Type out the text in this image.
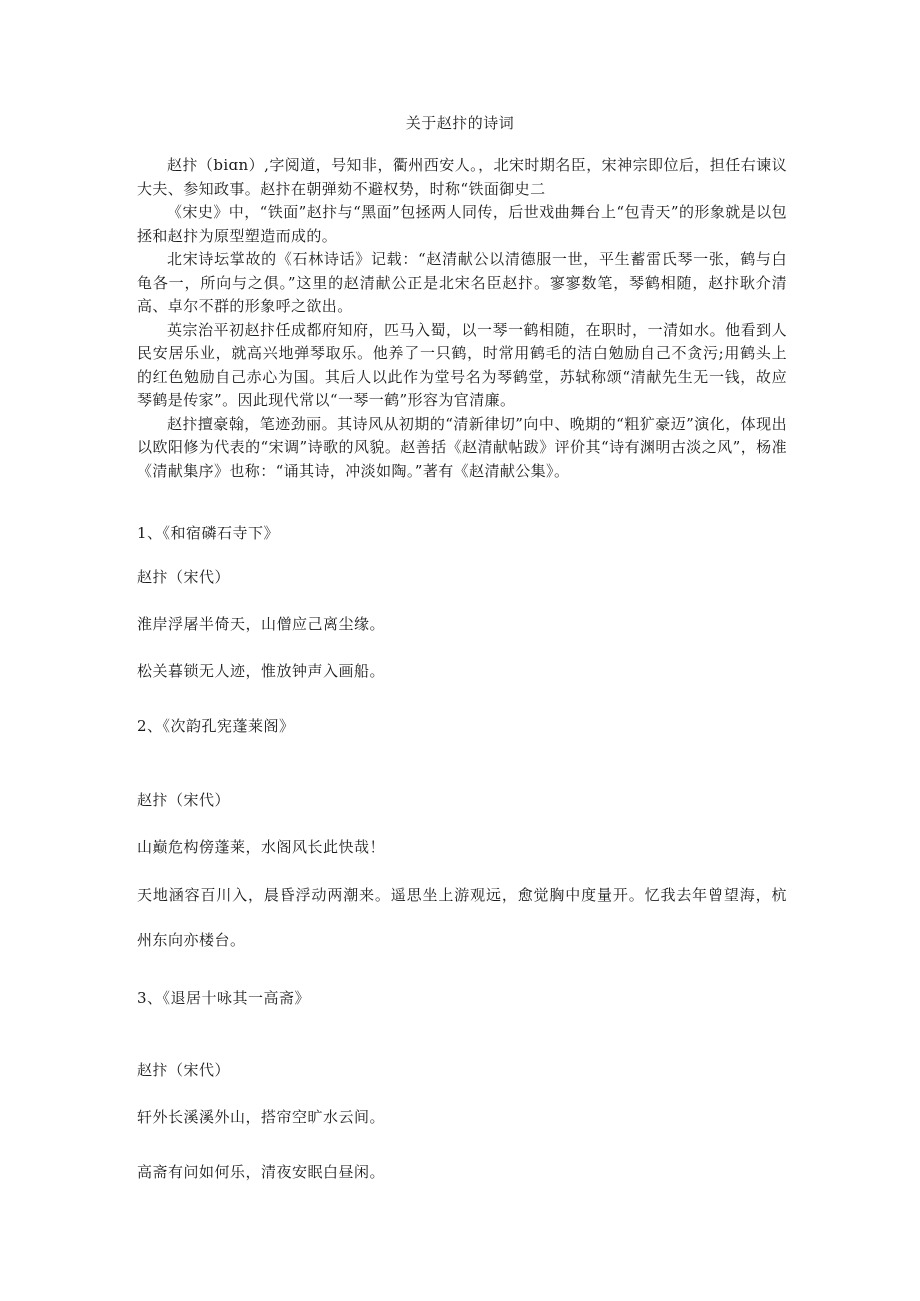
关于赵抃的诗词

赵抃（biɑn）,字阅道，号知非，衢州西安人。，北宋时期名臣，宋神宗即位后，担任右谏议大夫、参知政事。赵抃在朝弹劾不避权势，时称“铁面御史二

《宋史》中，“铁面”赵抃与“黑面”包拯两人同传，后世戏曲舞台上“包青天”的形象就是以包拯和赵抃为原型塑造而成的。

北宋诗坛掌故的《石林诗话》记载：“赵清献公以清德服一世，平生蓄雷氏琴一张，鹤与白龟各一，所向与之俱。”这里的赵清献公正是北宋名臣赵抃。寥寥数笔，琴鹤相随，赵抃耿介清高、卓尔不群的形象呼之欲出。

英宗治平初赵抃任成都府知府，匹马入蜀，以一琴一鹤相随，在职时，一清如水。他看到人民安居乐业，就高兴地弹琴取乐。他养了一只鹤，时常用鹤毛的洁白勉励自己不贪污;用鹤头上的红色勉励自己赤心为国。其后人以此作为堂号名为琴鹤堂，苏轼称颂“清献先生无一钱，故应琴鹤是传家”。因此现代常以“一琴一鹤”形容为官清廉。

赵抃擅豪翰，笔迹劲丽。其诗风从初期的“清新律切”向中、晚期的“粗犷豪迈”演化，体现出以欧阳修为代表的“宋调”诗歌的风貌。赵善括《赵清献帖跋》评价其“诗有渊明古淡之风”，杨准《清献集序》也称：“诵其诗，冲淡如陶。”著有《赵清献公集》。

1、《和宿磷石寺下》
赵抃（宋代）
淮岸浮屠半倚天，山僧应己离尘缘。
松关暮锁无人迹，惟放钟声入画船。
2、《次韵孔宪蓬莱阁》
赵抃（宋代）
山巅危构傍蓬莱，水阁风长此快哉！
天地涵容百川入，晨昏浮动两潮来。遥思坐上游观远，愈觉胸中度量开。忆我去年曾望海，杭州东向亦楼台。
3、《退居十咏其一高斋》
赵抃（宋代）
轩外长溪溪外山，搭帘空旷水云间。
高斋有问如何乐，清夜安眠白昼闲。
